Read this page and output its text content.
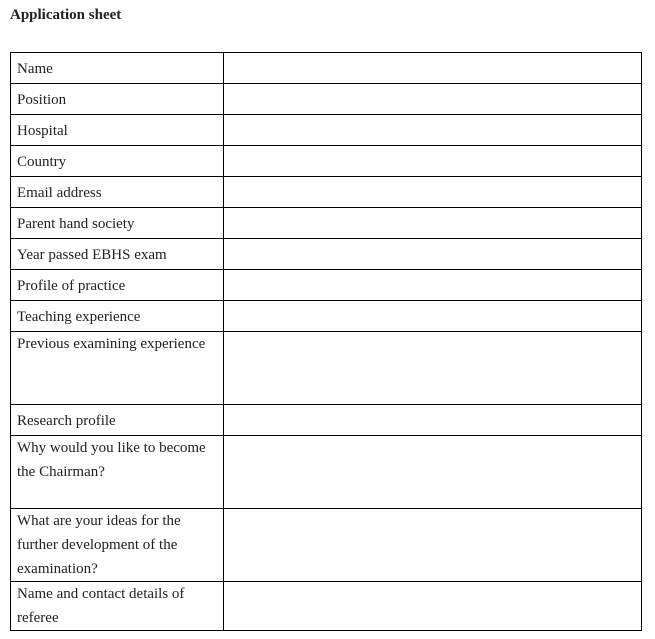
Application sheet
Name	

Position	

Hospital	

Country	

Email address	

Parent hand society	

Year passed EBHS exam	

Profile of practice	

Teaching experience	

Previous examining experience	

Research profile	

Why would you like to become the Chairman?	

What are your ideas for the further development of the examination?	

Name and contact details of referee	
